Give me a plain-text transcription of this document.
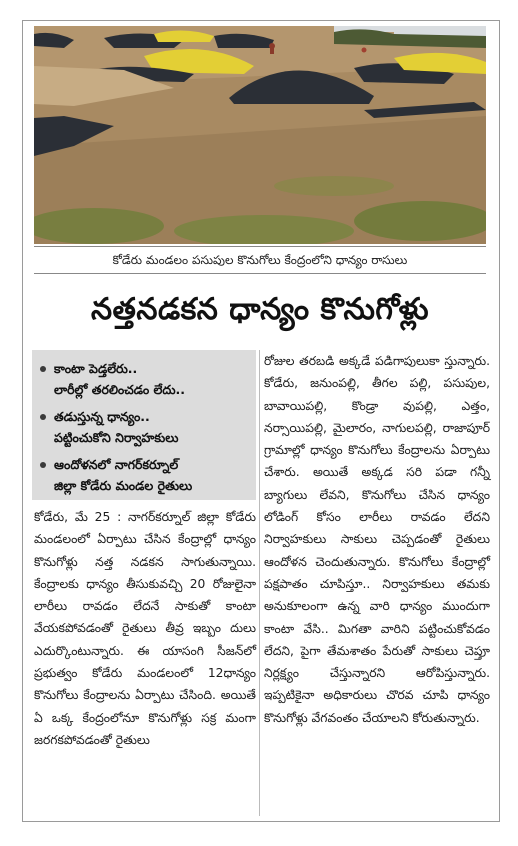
కోడేరు మండలం పసుపుల కొనుగోలు కేంద్రంలోని ధాన్యం రాసులు
నత్తనడకన ధాన్యం కొనుగోళ్లు
కాంటా పెడ్తలేరు..
లారీల్లో తరలించడం లేదు..
తడుస్తున్న ధాన్యం..
పట్టించుకోని నిర్వాహకులు
ఆందోళనలో నాగర్‌కర్నూల్‌
జిల్లా కోడేరు మండల రైతులు

కోడేరు, మే 25 : నాగర్‌కర్నూల్‌ జిల్లా కోడేరు మండలంలో ఏర్పాటు చేసిన కేంద్రాల్లో ధాన్యం కొనుగోళ్లు నత్త నడకన సాగుతున్నాయి. కేంద్రాలకు ధాన్యం తీసుకువచ్చి 20 రోజులైనా లారీలు రావడం లేదనే సాకుతో కాంటా వేయకపోవడంతో రైతులు తీవ్ర ఇబ్బం దులు ఎదుర్కొంటున్నారు. ఈ యాసంగి సీజన్‌లో ప్రభుత్వం కోడేరు మండలంలో 12ధాన్యం కొనుగోలు కేంద్రాలను ఏర్పాటు చేసింది. అయితే ఏ ఒక్క కేంద్రంలోనూ కొనుగోళ్లు సక్ర మంగా జరగకపోవడంతో రైతులు

రోజుల తరబడి అక్కడే పడిగాపులుకా స్తున్నారు. కోడేరు, జనుంపల్లి, తీగల పల్లి, పసుపుల, బావాయిపల్లి, కొండ్రా వుపల్లి, ఎత్తం, నర్సాయిపల్లి, మైలారం, నాగులపల్లి, రాజాపూర్‌ గ్రామాల్లో ధాన్యం కొనుగోలు కేంద్రాలను ఏర్పాటు చేశారు. అయితే అక్కడ సరి పడా గన్నీ బ్యాగులు లేవని, కొనుగోలు చేసిన ధాన్యం లోడింగ్‌ కోసం లారీలు రావడం లేదని నిర్వాహకులు సాకులు చెప్పడంతో రైతులు ఆందోళన చెందుతున్నారు. కొనుగోలు కేంద్రాల్లో పక్షపాతం చూపిస్తూ.. నిర్వాహకులు తమకు అనుకూలంగా ఉన్న వారి ధాన్యం ముందుగా కాంటా వేసి.. మిగతా వారిని పట్టించుకోవడం లేదని, పైగా తేమశాతం పేరుతో సాకులు చెప్తూ నిర్లక్ష్యం చేస్తున్నారని ఆరోపిస్తున్నారు. ఇప్పటికైనా అధికారులు చొరవ చూపి ధాన్యం కొనుగోళ్లు వేగవంతం చేయాలని కోరుతున్నారు.
